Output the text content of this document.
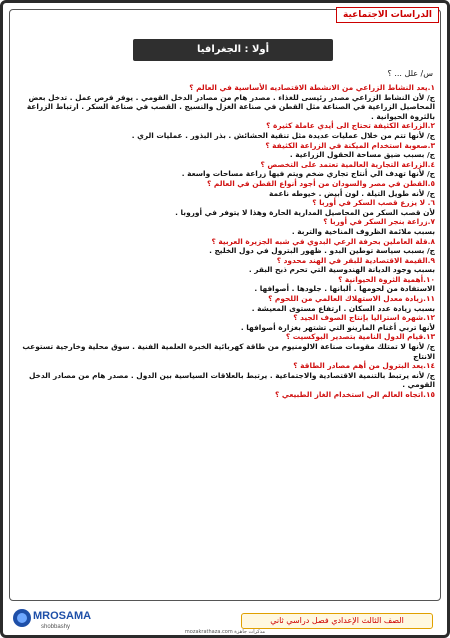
الدراسات الاجتماعية
أولا : الجغرافيا
س/ علل ... ؟

١.يعد النشاط الزراعي من الانشطة الاقتصاديه الأساسية في العالم ؟

ج/ لأن النشاط الزراعي مصدر رئيسى للغذاء . مصدر هام من مصادر الدخل القومي . يوفر فرص عمل . تدخل بعض المحاصيل الزراعية في الصناعة مثل القطن في صناعة الغزل والنسيج . القصب في صناعة السكر . ارتباط الزراعة بالثروة الحيوانية .

٢.الزراعة الكثيفة تحتاج الى أيدي عاملة كثيرة ؟

ج/ لأنها تتم من خلال عمليات عديدة مثل تنقية الحشائش . بذر البذور . عمليات الري .

٣.صعوبة استخدام الميكنة في الزراعة الكثيفة ؟

ج/ بسبب ضيق مساحة الحقول الزراعية .

٤.الزراعة التجارية العالمية تعتمد على التخصص ؟

ج/ لأنها تهدف الي أنتاج تجاري ضخم ويتم فيها زراعة مساحات واسعة .

٥.القطن في مصر والسودان من أجود أنواع القطن في العالم ؟

ج/ لأنه طويل التيلة . لون أبيض . خيوطه ناعمة

٦. لا يزرع قصب السكر في أوربا ؟

لأن قصب السكر من المحاصيل المدارية الحارة وهذا لا يتوفر في أوروبا .

٧.زراعة بنجر السكر في أوربا ؟

بسبب ملائمة الظروف المناخية والتربة .

٨.قلة العاملين بحرفة الرعي البدوي في شبه الجزيرة العربية ؟

ج/ بسبب سياسة توطين البدو . ظهور البترول في دول الخليج .

٩.القيمة الاقتصادية للبقر في الهند محدود ؟

بسبب وجود الديانة الهندوسية التي تحرم ذبح البقر .

١٠.أهمية الثروة الحيوانية ؟

الاستفادة من لحومها . ألبانها . جلودها . أصوافها .

١١.زيادة معدل الاستهلاك العالمي من اللحوم ؟

بسبب زيادة عدد السكان . ارتفاع مستوى المعيشة .

١٢.شهرة استراليا بإنتاج الصوف الجيد ؟

لأنها تربي أغنام المارينو التي تشتهر بغزارة أصوافها .

١٣.قيام الدول النامية بتصدير البوكسيت ؟

ج/ لأنها لا تمتلك مقومات صناعة الالومنيوم من طاقة كهربائية الخبرة العلمية الفنية . سوق محلية وخارجية تستوعب الانتاج

١٤.يعد البترول من أهم مصادر الطاقة ؟

ج/ لأنه يرتبط بالتنمية الاقتصادية والاجتماعية . يرتبط بالعلاقات السياسية بين الدول . مصدر هام من مصادر الدخل القومي .

١٥.اتجاه العالم الي استخدام الغاز الطبيعي ؟

MROSAMA
shobbashy
الصف الثالث الإعدادي فصل دراسي ثاني
مذكرات جاهزة mozakrathaza.com
